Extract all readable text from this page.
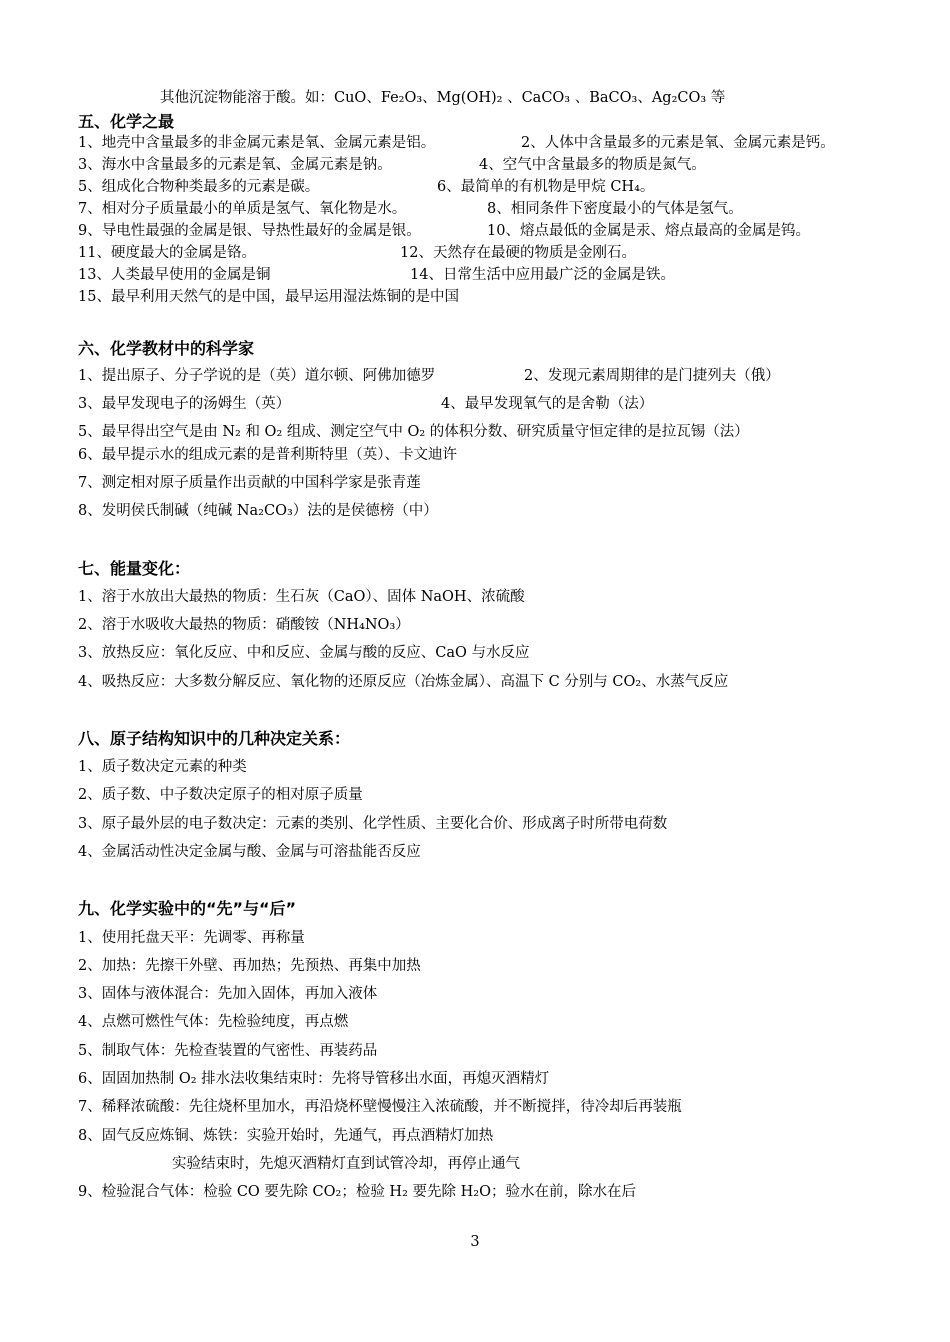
其他沉淀物能溶于酸。如：CuO、Fe₂O₃、Mg(OH)₂ 、CaCO₃ 、BaCO₃、Ag₂CO₃ 等
五、化学之最
1、地壳中含量最多的非金属元素是氧、金属元素是铝。	2、人体中含量最多的元素是氧、金属元素是钙。
3、海水中含量最多的元素是氧、金属元素是钠。	4、空气中含量最多的物质是氮气。
5、组成化合物种类最多的元素是碳。	6、最简单的有机物是甲烷 CH₄。
7、相对分子质量最小的单质是氢气、氧化物是水。	8、相同条件下密度最小的气体是氢气。
9、导电性最强的金属是银、导热性最好的金属是银。	10、熔点最低的金属是汞、熔点最高的金属是钨。
11、硬度最大的金属是铬。	12、天然存在最硬的物质是金刚石。
13、人类最早使用的金属是铜	14、日常生活中应用最广泛的金属是铁。
15、最早利用天然气的是中国，最早运用湿法炼铜的是中国
六、化学教材中的科学家
1、提出原子、分子学说的是（英）道尔顿、阿佛加德罗	2、发现元素周期律的是门捷列夫（俄）
3、最早发现电子的汤姆生（英）	4、最早发现氧气的是舍勒（法）
5、最早得出空气是由 N₂ 和 O₂ 组成、测定空气中 O₂ 的体积分数、研究质量守恒定律的是拉瓦锡（法）
6、最早提示水的组成元素的是普利斯特里（英）、卡文迪许
7、测定相对原子质量作出贡献的中国科学家是张青莲
8、发明侯氏制碱（纯碱 Na₂CO₃）法的是侯德榜（中）
七、能量变化：
1、溶于水放出大最热的物质：生石灰（CaO）、固体 NaOH、浓硫酸
2、溶于水吸收大最热的物质：硝酸铵（NH₄NO₃）
3、放热反应：氧化反应、中和反应、金属与酸的反应、CaO 与水反应
4、吸热反应：大多数分解反应、氧化物的还原反应（冶炼金属）、高温下 C 分别与 CO₂、水蒸气反应
八、原子结构知识中的几种决定关系：
1、质子数决定元素的种类
2、质子数、中子数决定原子的相对原子质量
3、原子最外层的电子数决定：元素的类别、化学性质、主要化合价、形成离子时所带电荷数
4、金属活动性决定金属与酸、金属与可溶盐能否反应
九、化学实验中的“先”与“后”
1、使用托盘天平：先调零、再称量
2、加热：先擦干外壁、再加热；先预热、再集中加热
3、固体与液体混合：先加入固体，再加入液体
4、点燃可燃性气体：先检验纯度，再点燃
5、制取气体：先检查装置的气密性、再装药品
6、固固加热制 O₂ 排水法收集结束时：先将导管移出水面，再熄灭酒精灯
7、稀释浓硫酸：先往烧杯里加水，再沿烧杯壁慢慢注入浓硫酸，并不断搅拌，待冷却后再装瓶
8、固气反应炼铜、炼铁：实验开始时，先通气，再点酒精灯加热
实验结束时，先熄灭酒精灯直到试管冷却，再停止通气
9、检验混合气体：检验 CO 要先除 CO₂；检验 H₂ 要先除 H₂O；验水在前，除水在后
3
